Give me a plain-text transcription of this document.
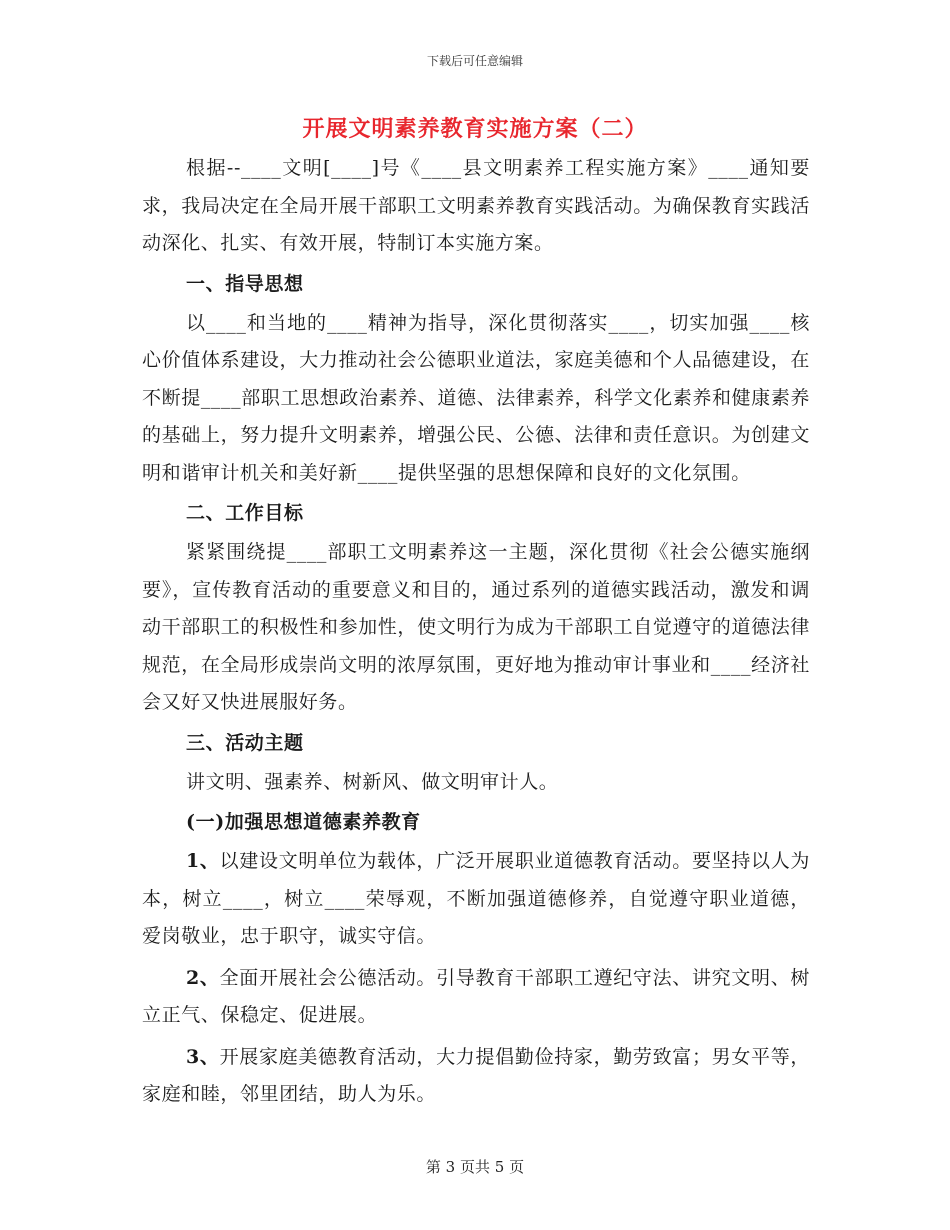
下载后可任意编辑
开展文明素养教育实施方案（二）

根据--____文明[____]号《____县文明素养工程实施方案》____通知要求，我局决定在全局开展干部职工文明素养教育实践活动。为确保教育实践活动深化、扎实、有效开展，特制订本实施方案。

一、指导思想

以____和当地的____精神为指导，深化贯彻落实____，切实加强____核心价值体系建设，大力推动社会公德职业道法，家庭美德和个人品德建设，在不断提____部职工思想政治素养、道德、法律素养，科学文化素养和健康素养的基础上，努力提升文明素养，增强公民、公德、法律和责任意识。为创建文明和谐审计机关和美好新____提供坚强的思想保障和良好的文化氛围。

二、工作目标

紧紧围绕提____部职工文明素养这一主题，深化贯彻《社会公德实施纲要》，宣传教育活动的重要意义和目的，通过系列的道德实践活动，激发和调动干部职工的积极性和参加性，使文明行为成为干部职工自觉遵守的道德法律规范，在全局形成崇尚文明的浓厚氛围，更好地为推动审计事业和____经济社会又好又快进展服好务。

三、活动主题

讲文明、强素养、树新风、做文明审计人。

(一)加强思想道德素养教育

1、以建设文明单位为载体，广泛开展职业道德教育活动。要坚持以人为本，树立____，树立____荣辱观，不断加强道德修养，自觉遵守职业道德，爱岗敬业，忠于职守，诚实守信。

2、全面开展社会公德活动。引导教育干部职工遵纪守法、讲究文明、树立正气、保稳定、促进展。

3、开展家庭美德教育活动，大力提倡勤俭持家，勤劳致富；男女平等，家庭和睦，邻里团结，助人为乐。

第 3 页共 5 页
